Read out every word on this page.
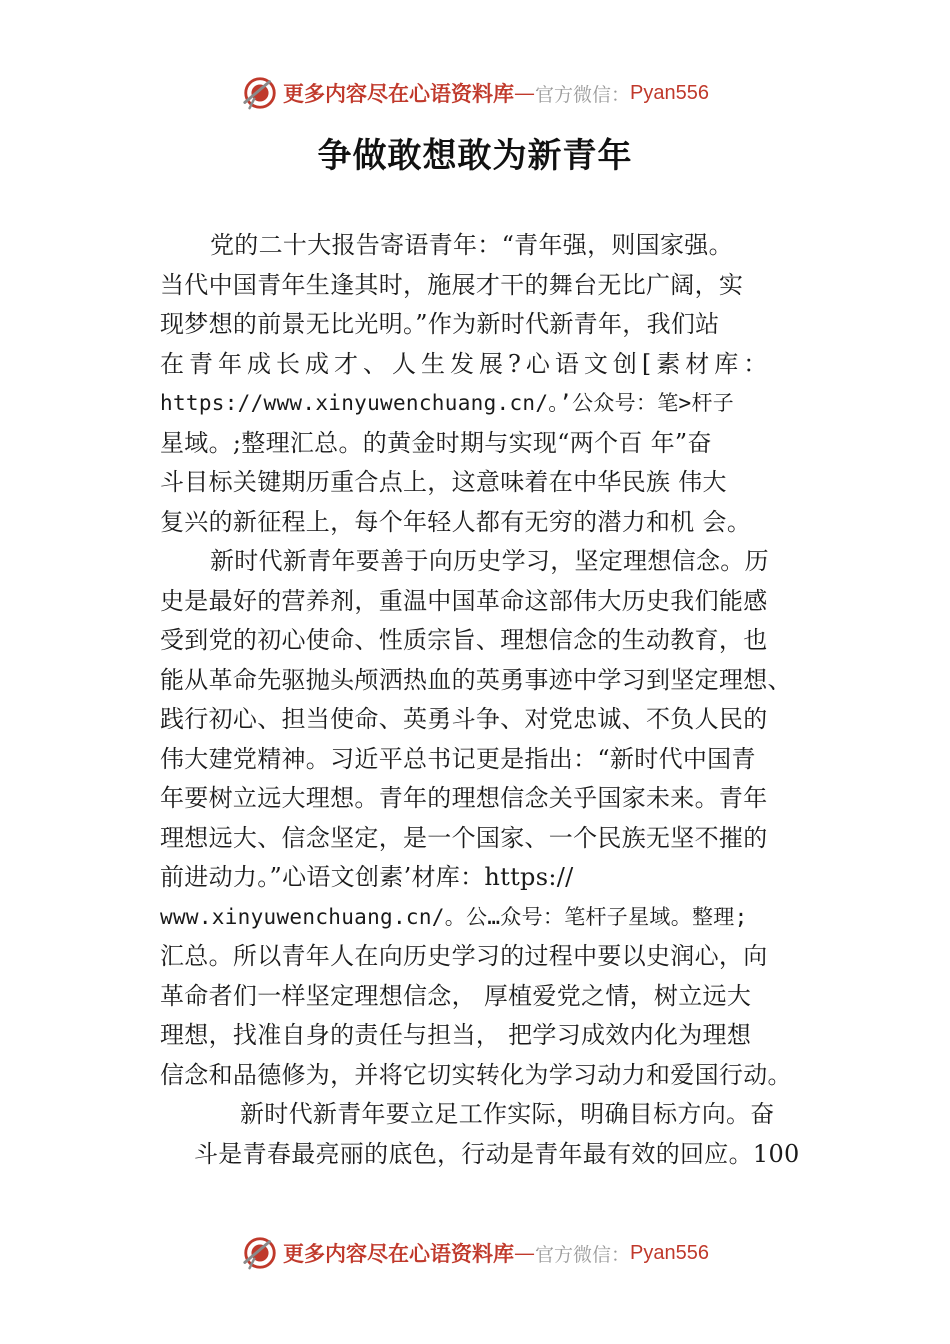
更多内容尽在心语资料库 — 官方微信： Pyan556
争做敢想敢为新青年
党的二十大报告寄语青年：“青年强，则国家强。
当代中国青年生逢其时，施展才干的舞台无比广阔，实
现梦想的前景无比光明。”作为新时代新青年，我们站
在青年成长成才、人生发展?心语文创[素材库：
https://www.xinyuwenchuang.cn/。’公众号：笔>杆子
星域。;整理汇总。的黄金时期与实现“两个百 年”奋
斗目标关键期历重合点上，这意味着在中华民族 伟大
复兴的新征程上，每个年轻人都有无穷的潜力和机 会。
新时代新青年要善于向历史学习，坚定理想信念。历
史是最好的营养剂，重温中国革命这部伟大历史我们能感
受到党的初心使命、性质宗旨、理想信念的生动教育，也
能从革命先驱抛头颅洒热血的英勇事迹中学习到坚定理想、
践行初心、担当使命、英勇斗争、对党忠诚、不负人民的
伟大建党精神。习近平总书记更是指出：“新时代中国青
年要树立远大理想。青年的理想信念关乎国家未来。青年
理想远大、信念坚定，是一个国家、一个民族无坚不摧的
前进动力。”心语文创素’材库：https://
www.xinyuwenchuang.cn/。公…众号：笔杆子星域。整理;
汇总。所以青年人在向历史学习的过程中要以史润心，向
革命者们一样坚定理想信念， 厚植爱党之情，树立远大
理想，找准自身的责任与担当， 把学习成效内化为理想
信念和品德修为，并将它切实转化为学习动力和爱国行动。
新时代新青年要立足工作实际，明确目标方向。奋
斗是青春最亮丽的底色，行动是青年最有效的回应。100
更多内容尽在心语资料库 — 官方微信： Pyan556
